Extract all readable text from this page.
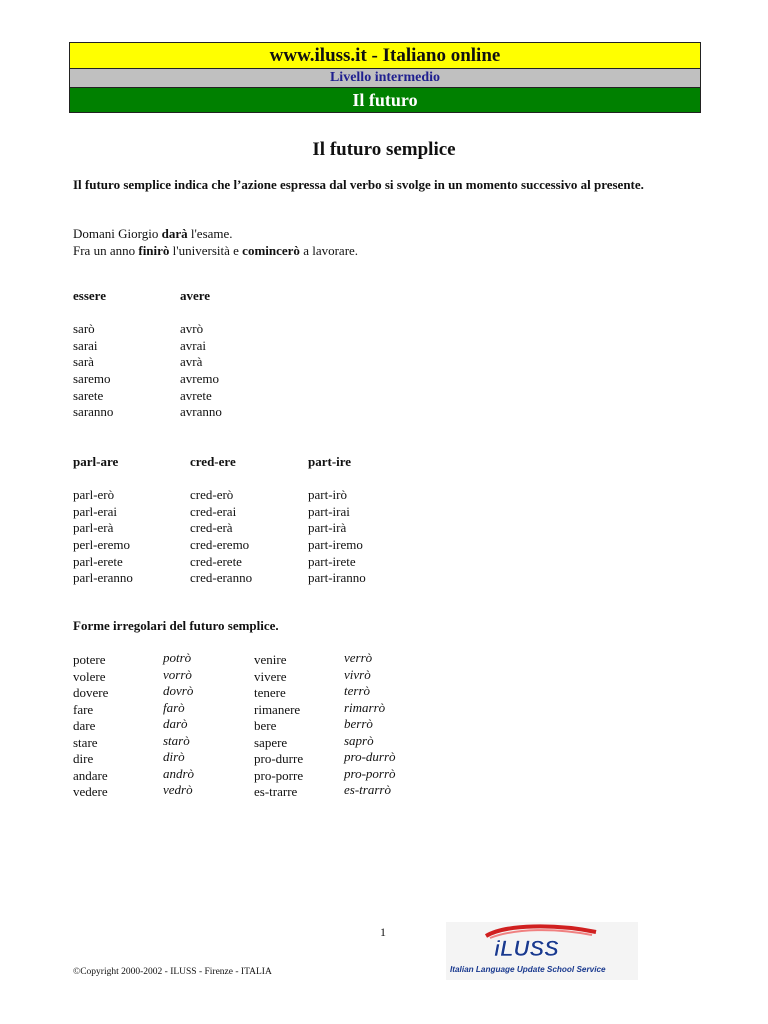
www.iluss.it - Italiano online
Livello intermedio
Il futuro
Il futuro semplice
Il futuro semplice indica che l’azione espressa dal verbo si svolge in un momento successivo al presente.
Domani Giorgio darà l'esame.
Fra un anno finirò l'università e comincerò a lavorare.
essere
sarò
sarai
sarà
saremo
sarete
saranno
avere
avrò
avrai
avrà
avremo
avrete
avranno
parl-are
parl-erò
parl-erai
parl-erà
perl-eremo
parl-erete
parl-eranno
cred-ere
cred-erò
cred-erai
cred-erà
cred-eremo
cred-erete
cred-eranno
part-ire
part-irò
part-irai
part-irà
part-iremo
part-irete
part-iranno
Forme irregolari del futuro semplice.
potere
volere
dovere
fare
dare
stare
dire
andare
vedere
potrò
vorrò
dovrò
farò
darò
starò
dirò
andrò
vedrò
venire
vivere
tenere
rimanere
bere
sapere
pro-durre
pro-porre
es-trarre
verrò
vivrò
terrò
rimarrò
berrò
saprò
pro-durrò
pro-porrò
es-trarrò
1
©Copyright 2000-2002 - ILUSS - Firenze - ITALIA
iLUSS
Italian Language Update School Service
